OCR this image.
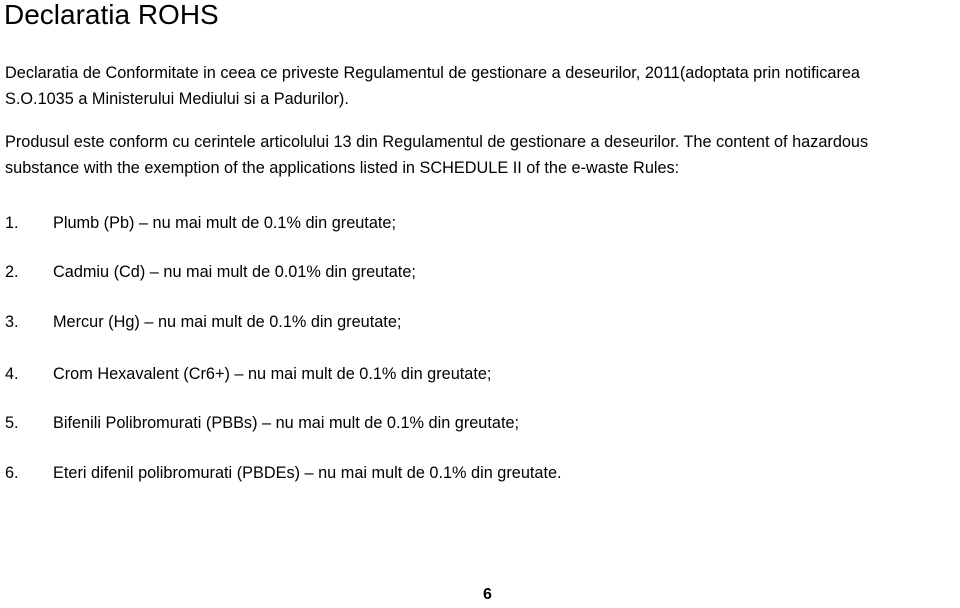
Declaratia ROHS

Declaratia de Conformitate in ceea ce priveste Regulamentul de gestionare a deseurilor, 2011(adoptata prin notificarea
S.O.1035 a Ministerului Mediului si a Padurilor).

Produsul este conform cu cerintele articolului 13 din Regulamentul de gestionare a deseurilor. The content of hazardous
substance with the exemption of the applications listed in SCHEDULE II of the e-waste Rules:

1. Plumb (Pb) – nu mai mult de 0.1% din greutate;
2. Cadmiu (Cd) – nu mai mult de 0.01% din greutate;
3. Mercur (Hg) – nu mai mult de 0.1% din greutate;
4. Crom Hexavalent (Cr6+) – nu mai mult de 0.1% din greutate;
5. Bifenili Polibromurati (PBBs) – nu mai mult de 0.1% din greutate;
6. Eteri difenil polibromurati (PBDEs) – nu mai mult de 0.1% din greutate.
6
